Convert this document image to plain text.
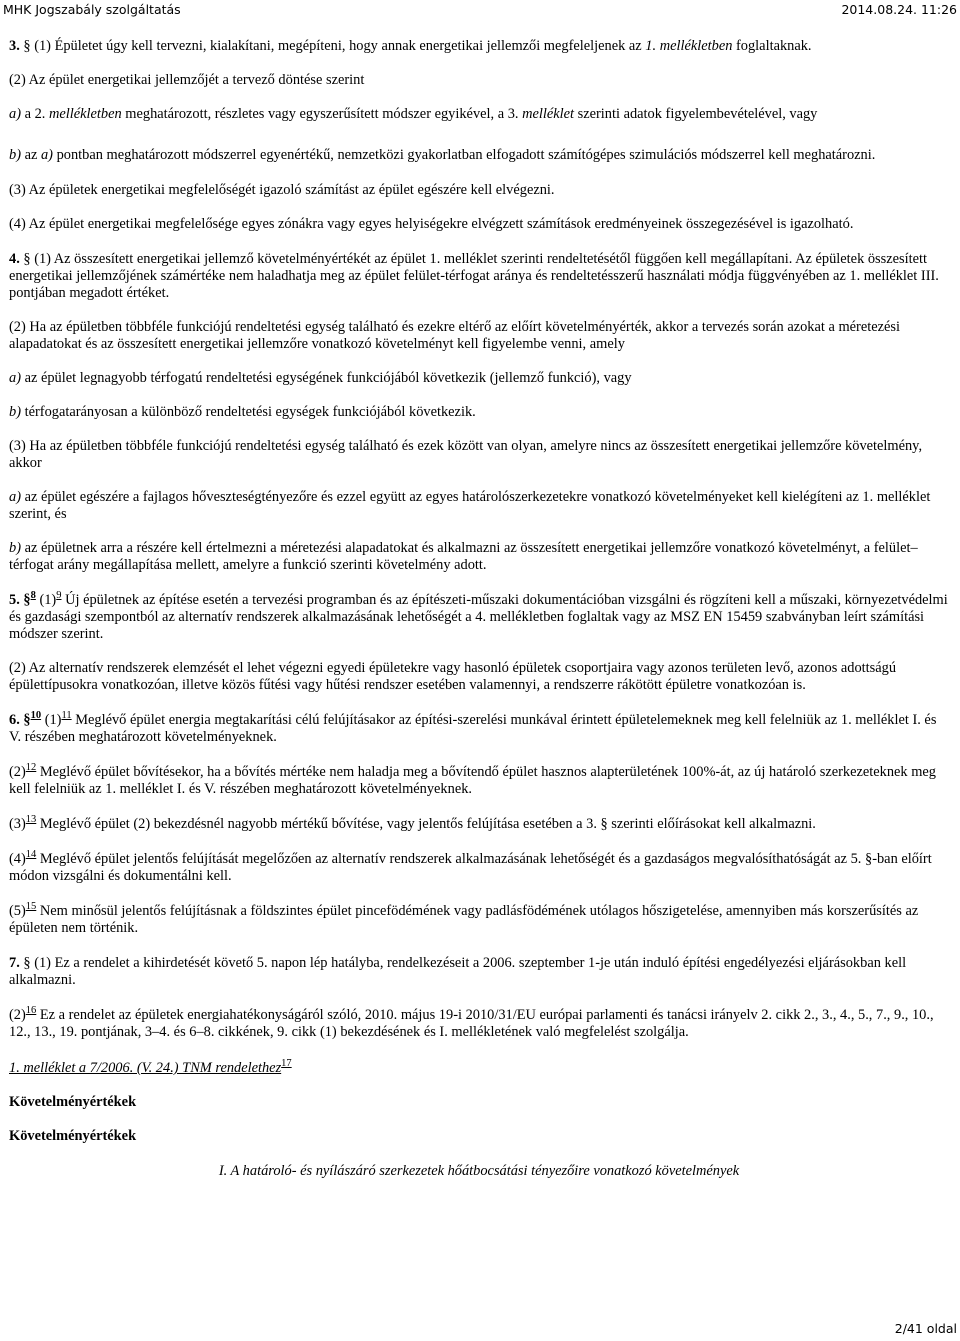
MHK Jogszabály szolgáltatás	2014.08.24. 11:26

3. § (1) Épületet úgy kell tervezni, kialakítani, megépíteni, hogy annak energetikai jellemzői megfeleljenek az 1. mellékletben foglaltaknak.

(2) Az épület energetikai jellemzőjét a tervező döntése szerint

a) a 2. mellékletben meghatározott, részletes vagy egyszerűsített módszer egyikével, a 3. melléklet szerinti adatok figyelembevételével, vagy

b) az a) pontban meghatározott módszerrel egyenértékű, nemzetközi gyakorlatban elfogadott számítógépes szimulációs módszerrel kell meghatározni.

(3) Az épületek energetikai megfelelőségét igazoló számítást az épület egészére kell elvégezni.

(4) Az épület energetikai megfelelősége egyes zónákra vagy egyes helyiségekre elvégzett számítások eredményeinek összegezésével is igazolható.

4. § (1) Az összesített energetikai jellemző követelményértékét az épület 1. melléklet szerinti rendeltetésétől függően kell megállapítani. Az épületek összesített energetikai jellemzőjének számértéke nem haladhatja meg az épület felület-térfogat aránya és rendeltetésszerű használati módja függvényében az 1. melléklet III. pontjában megadott értéket.

(2) Ha az épületben többféle funkciójú rendeltetési egység található és ezekre eltérő az előírt követelményérték, akkor a tervezés során azokat a méretezési alapadatokat és az összesített energetikai jellemzőre vonatkozó követelményt kell figyelembe venni, amely

a) az épület legnagyobb térfogatú rendeltetési egységének funkciójából következik (jellemző funkció), vagy

b) térfogatarányosan a különböző rendeltetési egységek funkciójából következik.

(3) Ha az épületben többféle funkciójú rendeltetési egység található és ezek között van olyan, amelyre nincs az összesített energetikai jellemzőre követelmény, akkor

a) az épület egészére a fajlagos hőveszteségtényezőre és ezzel együtt az egyes határolószerkezetekre vonatkozó követelményeket kell kielégíteni az 1. melléklet szerint, és

b) az épületnek arra a részére kell értelmezni a méretezési alapadatokat és alkalmazni az összesített energetikai jellemzőre vonatkozó követelményt, a felület–térfogat arány megállapítása mellett, amelyre a funkció szerinti követelmény adott.

5. §$^8$ $(1)^9$ Új épületnek az építése esetén a tervezési programban és az építészeti-műszaki dokumentációban vizsgálni és rögzíteni kell a műszaki, környezetvédelmi és gazdasági szempontból az alternatív rendszerek alkalmazásának lehetőségét a 4. mellékletben foglaltak vagy az MSZ EN 15459 szabványban leírt számítási módszer szerint.

(2) Az alternatív rendszerek elemzését el lehet végezni egyedi épületekre vagy hasonló épületek csoportjaira vagy azonos területen levő, azonos adottságú épülettípusokra vonatkozóan, illetve közös fűtési vagy hűtési rendszer esetében valamennyi, a rendszerre rákötött épületre vonatkozóan is.

6. §$^{10}$ $(1)^{11}$ Meglévő épület energia megtakarítási célú felújításakor az építési-szerelési munkával érintett épületelemeknek meg kell felelniük az 1. melléklet I. és V. részében meghatározott követelményeknek.

$(2)^{12}$ Meglévő épület bővítésekor, ha a bővítés mértéke nem haladja meg a bővítendő épület hasznos alapterületének 100%-át, az új határoló szerkezeteknek meg kell felelniük az 1. melléklet I. és V. részében meghatározott követelményeknek.

$(3)^{13}$ Meglévő épület (2) bekezdésnél nagyobb mértékű bővítése, vagy jelentős felújítása esetében a 3. § szerinti előírásokat kell alkalmazni.

$(4)^{14}$ Meglévő épület jelentős felújítását megelőzően az alternatív rendszerek alkalmazásának lehetőségét és a gazdaságos megvalósíthatóságát az 5. §-ban előírt módon vizsgálni és dokumentálni kell.

$(5)^{15}$ Nem minősül jelentős felújításnak a földszintes épület pincefödémének vagy padlásfödémének utólagos hőszigetelése, amennyiben más korszerűsítés az épületen nem történik.

7. § (1) Ez a rendelet a kihirdetését követő 5. napon lép hatályba, rendelkezéseit a 2006. szeptember 1-je után induló építési engedélyezési eljárásokban kell alkalmazni.

$(2)^{16}$ Ez a rendelet az épületek energiahatékonyságáról szóló, 2010. május 19-i 2010/31/EU európai parlamenti és tanácsi irányelv 2. cikk 2., 3., 4., 5., 7., 9., 10., 12., 13., 19. pontjának, 3–4. és 6–8. cikkének, 9. cikk (1) bekezdésének és I. mellékletének való megfelelést szolgálja.

1. melléklet a 7/2006. (V. 24.) TNM rendelethez$^{17}$

Követelményértékek

Követelményértékek

I. A határoló- és nyílászáró szerkezetek hőátbocsátási tényezőire vonatkozó követelmények

2/41 oldal
